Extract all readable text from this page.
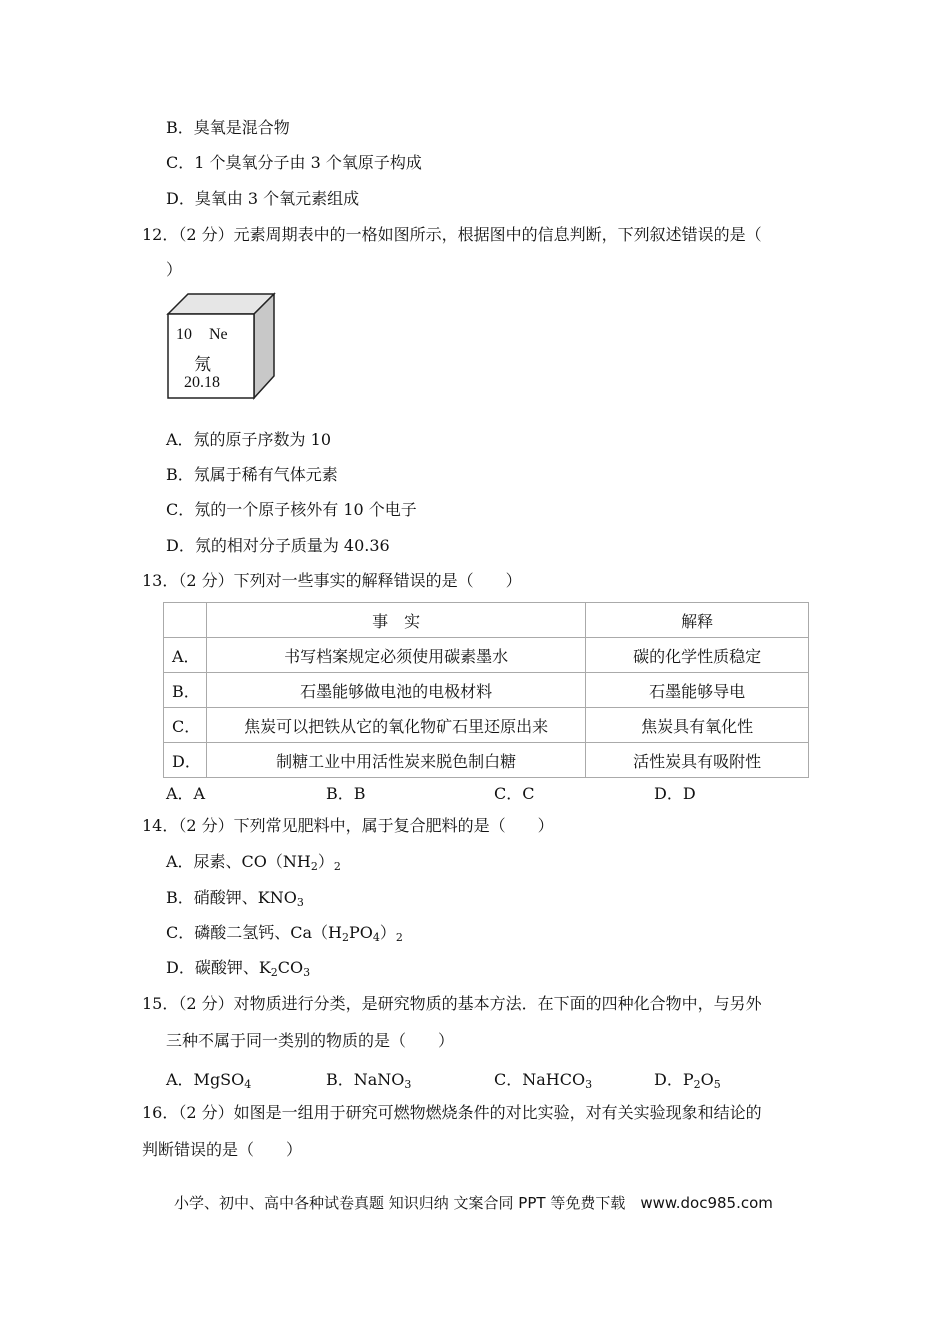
B．臭氧是混合物
C．1 个臭氧分子由 3 个氧原子构成
D．臭氧由 3 个氧元素组成
12．（2 分）元素周期表中的一格如图所示，根据图中的信息判断，下列叙述错误的是（
）
10 Ne
氖
20.18
A．氖的原子序数为 10
B．氖属于稀有气体元素
C．氖的一个原子核外有 10 个电子
D．氖的相对分子质量为 40.36
13．（2 分）下列对一些事实的解释错误的是（　　）
	事　实	解释
A．	书写档案规定必须使用碳素墨水	碳的化学性质稳定
B．	石墨能够做电池的电极材料	石墨能够导电
C．	焦炭可以把铁从它的氧化物矿石里还原出来	焦炭具有氧化性
D．	制糖工业中用活性炭来脱色制白糖	活性炭具有吸附性
A．A	B．B	C．C	D．D
14．（2 分）下列常见肥料中，属于复合肥料的是（　　）
A．尿素、$CO(NH_2)_2$
B．硝酸钾、$KNO_3$
C．磷酸二氢钙、$Ca(H_2PO_4)_2$
D．碳酸钾、$K_2CO_3$
15．（2 分）对物质进行分类，是研究物质的基本方法．在下面的四种化合物中，与另外
三种不属于同一类别的物质的是（　　）
A．MgSO$_4$	B．NaNO$_3$	C．NaHCO$_3$	D．$P_2O_5$
16．（2 分）如图是一组用于研究可燃物燃烧条件的对比实验，对有关实验现象和结论的
判断错误的是（　　）
小学、初中、高中各种试卷真题 知识归纳 文案合同 PPT 等免费下载　www.doc985.com
